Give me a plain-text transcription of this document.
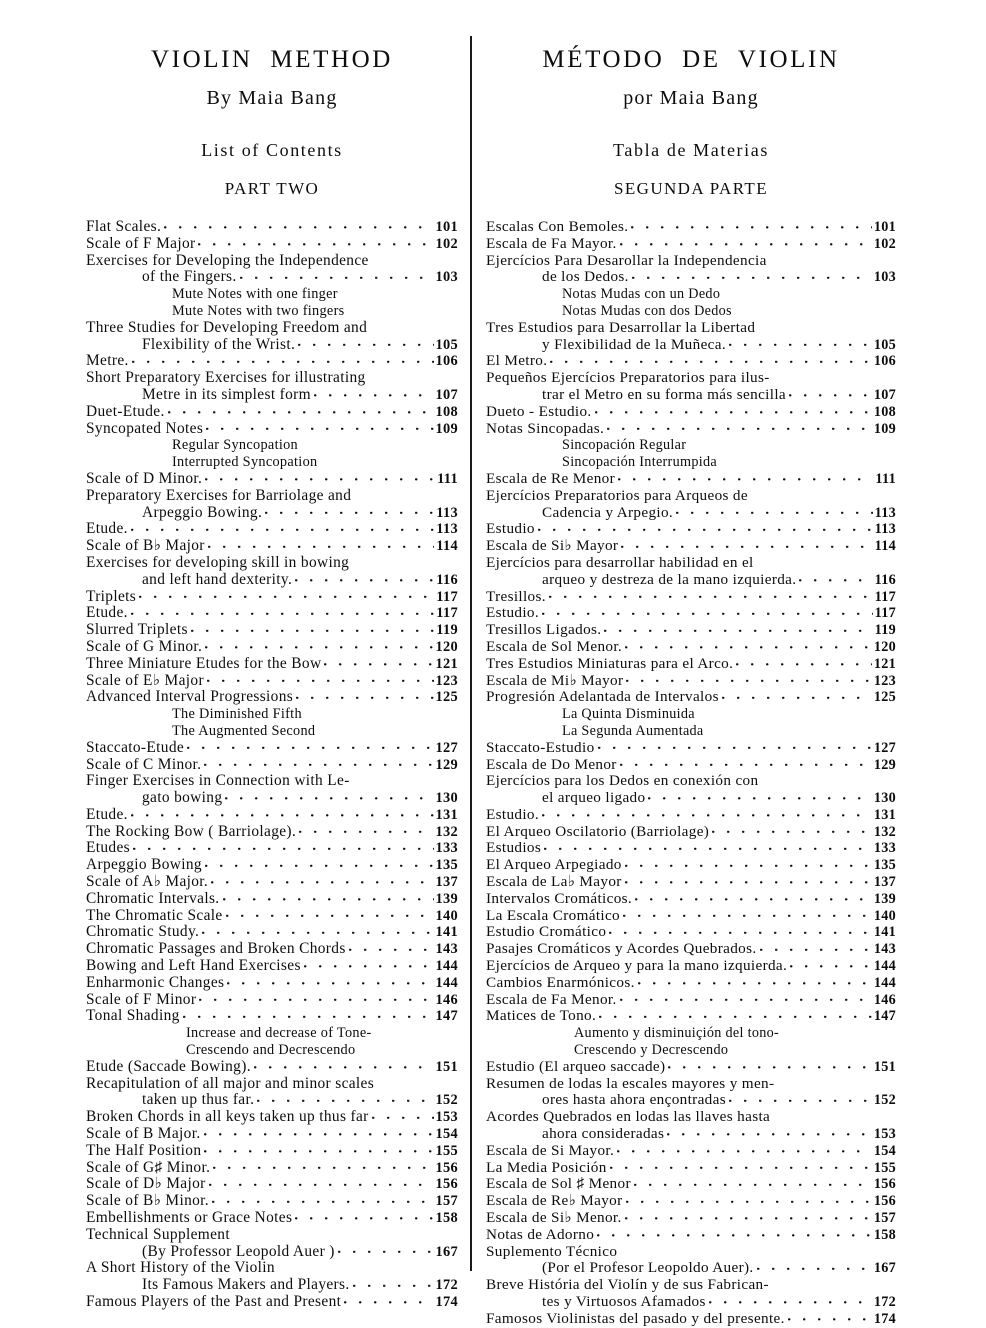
VIOLIN  METHOD
By Maia Bang
List of Contents
PART TWO
Flat Scales.	101
Scale of F Major	102
Exercises for Developing the Independence
of the Fingers.	103
Mute Notes with one finger
Mute Notes with two fingers
Three Studies for Developing Freedom and
Flexibility of the Wrist.	105
Metre.	106
Short Preparatory Exercises for illustrating
Metre in its simplest form	107
Duet-Etude.	108
Syncopated Notes	109
Regular Syncopation
Interrupted Syncopation
Scale of D Minor.	111
Preparatory Exercises for Barriolage and
Arpeggio Bowing.	113
Etude.	113
Scale of B♭ Major	114
Exercises for developing skill in bowing
and left hand dexterity.	116
Triplets	117
Etude.	117
Slurred Triplets	119
Scale of G Minor.	120
Three Miniature Etudes for the Bow	121
Scale of E♭ Major	123
Advanced Interval Progressions	125
The Diminished Fifth
The Augmented Second
Staccato-Etude	127
Scale of C Minor.	129
Finger Exercises in Connection with Le-
gato bowing	130
Etude.	131
The Rocking Bow ( Barriolage).	132
Etudes	133
Arpeggio Bowing	135
Scale of A♭ Major.	137
Chromatic Intervals.	139
The Chromatic Scale	140
Chromatic Study.	141
Chromatic Passages and Broken Chords	143
Bowing and Left Hand Exercises	144
Enharmonic Changes	144
Scale of F Minor	146
Tonal Shading	147
Increase and decrease of Tone-
Crescendo and Decrescendo
Etude (Saccade Bowing).	151
Recapitulation of all major and minor scales
taken up thus far.	152
Broken Chords in all keys taken up thus far	153
Scale of B Major.	154
The Half Position	155
Scale of G♯ Minor.	156
Scale of D♭ Major	156
Scale of B♭ Minor.	157
Embellishments or Grace Notes	158
Technical Supplement
(By Professor Leopold Auer )	167
A Short History of the Violin
Its Famous Makers and Players.	172
Famous Players of the Past and Present	174
MÉTODO  DE  VIOLIN
por Maia Bang
Tabla de Materias
SEGUNDA PARTE
Escalas Con Bemoles.	101
Escala de Fa Mayor.	102
Ejercícios Para Desarollar la Independencia
de los Dedos.	103
Notas Mudas con un Dedo
Notas Mudas con dos Dedos
Tres Estudios para Desarrollar la Libertad
y Flexibilidad de la Muñeca.	105
El Metro.	106
Pequeños Ejercícios Preparatorios para ilus-
trar el Metro en su forma más sencilla	107
Dueto - Estudio.	108
Notas Sincopadas.	109
Sincopación Regular
Sincopación Interrumpida
Escala de Re Menor	111
Ejercícios Preparatorios para Arqueos de
Cadencia y Arpegio.	113
Estudio	113
Escala de Si♭ Mayor	114
Ejercícios para desarrollar habilidad en el
arqueo y destreza de la mano izquierda.	116
Tresillos.	117
Estudio.	117
Tresillos Ligados.	119
Escala de Sol Menor.	120
Tres Estudios Miniaturas para el Arco.	121
Escala de Mi♭ Mayor	123
Progresión Adelantada de Intervalos	125
La Quinta Disminuida
La Segunda Aumentada
Staccato-Estudio	127
Escala de Do Menor	129
Ejercícios para los Dedos en conexión con
el arqueo ligado	130
Estudio.	131
El Arqueo Oscilatorio (Barriolage)	132
Estudios	133
El Arqueo Arpegiado	135
Escala de La♭ Mayor	137
Intervalos Cromáticos.	139
La Escala Cromático	140
Estudio Cromático	141
Pasajes Cromáticos y Acordes Quebrados.	143
Ejercícios de Arqueo y para la mano izquierda.	144
Cambios Enarmónicos.	144
Escala de Fa Menor.	146
Matices de Tono.	147
Aumento y disminuiçión del tono-
Crescendo y Decrescendo
Estudio (El arqueo saccade)	151
Resumen de lodas la escales mayores y men-
ores hasta ahora ençontradas	152
Acordes Quebrados en lodas las llaves hasta
ahora consideradas	153
Escala de Si Mayor.	154
La Media Posición	155
Escala de Sol ♯ Menor	156
Escala de Re♭ Mayor	156
Escala de Si♭ Menor.	157
Notas de Adorno	158
Suplemento Técnico
(Por el Profesor Leopoldo Auer).	167
Breve História del Violín y de sus Fabrican-
tes y Virtuosos Afamados	172
Famosos Violinistas del pasado y del presente.	174
